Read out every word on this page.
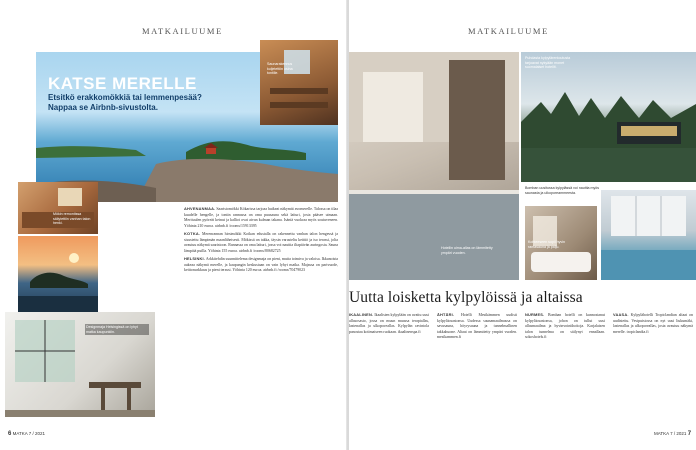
MATKAILUUME
KATSE MERELLE
Etsitkö erakkomökkiä tai lemmenpesää? Nappaa se Airbnb-sivustolta.
Saunarakennus kuljetettiin osina tontille.
Mökin remontissa säilytettiin vanhan talon henki.
Designmaja Helsingissä on lyhyt matka kaupunkiin.

AHVENANMAA. Saaristomökki Kökarissa tarjoaa huikeat näkymät avomerelle. Talossa on tilaa kuudelle hengelle, ja tontin rannassa on oma puusauna sekä laituri, josta pääsee uimaan. Merituulen pyöreät keinut ja kalliot ovat aivan kulman takana. Isäntä vuokraa myös soutuveneen. Yöhinta 210 euroa. airbnb.fi /rooms/15913395

KOTKA. Merenrannan hirsimökki Kotkan edustalla on rakennettu vanhan talon hengessä ja sisustettu lämpimän maanläheisesti. Mökissä on takka, täysin varusteltu keittiö ja iso terassi, jolta avautuu näkymä saaristoon. Rannassa on oma laituri, jossa voi nauttia iltapäivän auringosta. Sauna lämpiää puilla. Yöhinta 155 euroa. airbnb.fi /rooms/80682725

HELSINKI. Arkkitehdin suunnittelema designmaja on pieni, mutta toimiva ja valoisa. Ikkunoista aukeaa näkymä merelle, ja kaupungin keskustaan on vain lyhyt matka. Majassa on parivuode, keittonurkkaus ja pieni terassi. Yöhinta 120 euroa. airbnb.fi /rooms/70479023

6 MATKA 7 / 2021
MATKAILUUME
Hotellin uima-allas on lämmitetty ympäri vuoden.
Puhdasta kylpylärentoutusta tarjoavat nykyään monet suomalaiset hotellit.
Bomban uusitussa kylpylässä voi nauttia myös saunasta ja ulkoporeammeesta.
Kohteeseen sopii hyvin rantasauna ja palju.
Uutta loisketta kylpylöissä ja altaissa

IKAALINEN. Ikaalisten kylpylään on avattu uusi allasosasto, jossa on muun muassa terapiallas, lastenallas ja ulkoporeallas. Kylpylän ravintola panostaa kotimaiseen ruokaan. ikaalinenspa.fi

ÄHTÄRI. Hotelli Mesikämmen uudisti kylpyläosastonsa. Uudessa saunamaailmassa on savusauna, höyrysauna ja tunnelmallinen takkahuone. Altaat on lämmitetty ympäri vuoden. mesikammen.fi

NURMES. Bomban hotelli on kunnostanut kylpyläosastonsa, johon on tullut uusi allasmaailma ja hyvinvointihoitoja. Karjalaisen talon tunnelma on säilynyt ennallaan. sokoshotels.fi

VAASA. Kylpylähotelli Tropiclandian altaat on uudistettu. Vesipuistossa on nyt uusi liukumäki, lastenallas ja ulkoporeallas, josta avautuu näkymä merelle. tropiclandia.fi

MATKA 7 / 2021 7
